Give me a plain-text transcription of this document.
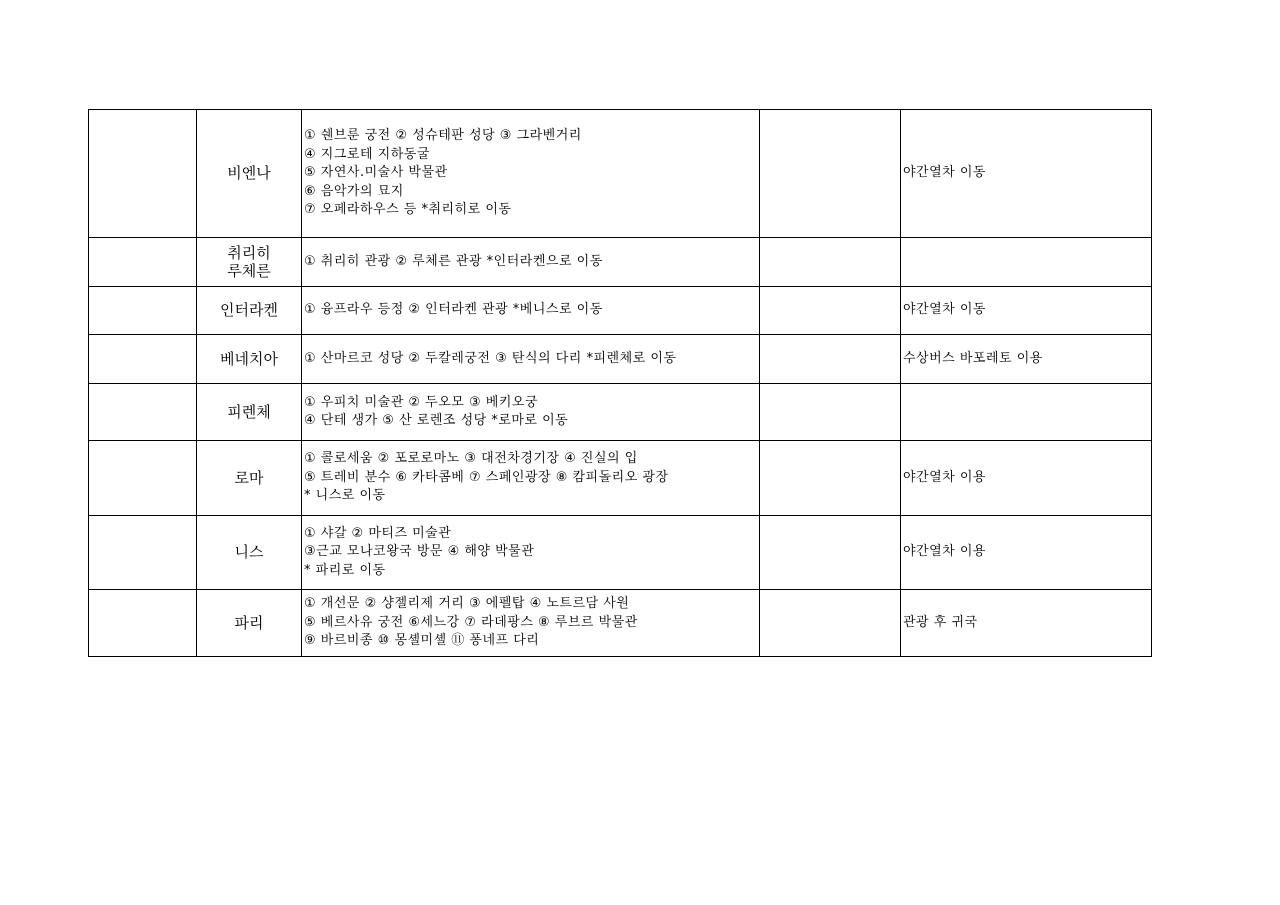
	비엔나	① 쉔브룬 궁전 ② 성슈테판 성당 ③ 그라벤거리
④ 지그로테 지하동굴
⑤ 자연사.미술사 박물관
⑥ 음악가의 묘지
⑦ 오페라하우스 등 *취리히로 이동		야간열차 이동

	취리히
루체른	① 취리히 관광 ② 루체른 관광 *인터라켄으로 이동		

	인터라켄	① 융프라우 등정 ② 인터라켄 관광 *베니스로 이동		야간열차 이동

	베네치아	① 산마르코 성당 ② 두칼레궁전 ③ 탄식의 다리 *피렌체로 이동		수상버스 바포레토 이용

	피렌체	① 우피치 미술관 ② 두오모 ③ 베키오궁
④ 단테 생가 ⑤ 산 로렌조 성당 *로마로 이동		

	로마	① 콜로세움 ② 포로로마노 ③ 대전차경기장 ④ 진실의 입
⑤ 트레비 분수 ⑥ 카타콤베 ⑦ 스페인광장 ⑧ 캄피돌리오 광장
* 니스로 이동		야간열차 이용

	니스	① 샤갈 ② 마티즈 미술관
③근교 모나코왕국 방문 ④ 해양 박물관
* 파리로 이동		야간열차 이용

	파리	① 개선문 ② 샹젤리제 거리 ③ 에펠탑 ④ 노트르담 사원
⑤ 베르사유 궁전 ⑥세느강 ⑦ 라데팡스 ⑧ 루브르 박물관
⑨ 바르비종 ⑩ 몽셸미셸 ⑪ 퐁네프 다리		관광 후 귀국
